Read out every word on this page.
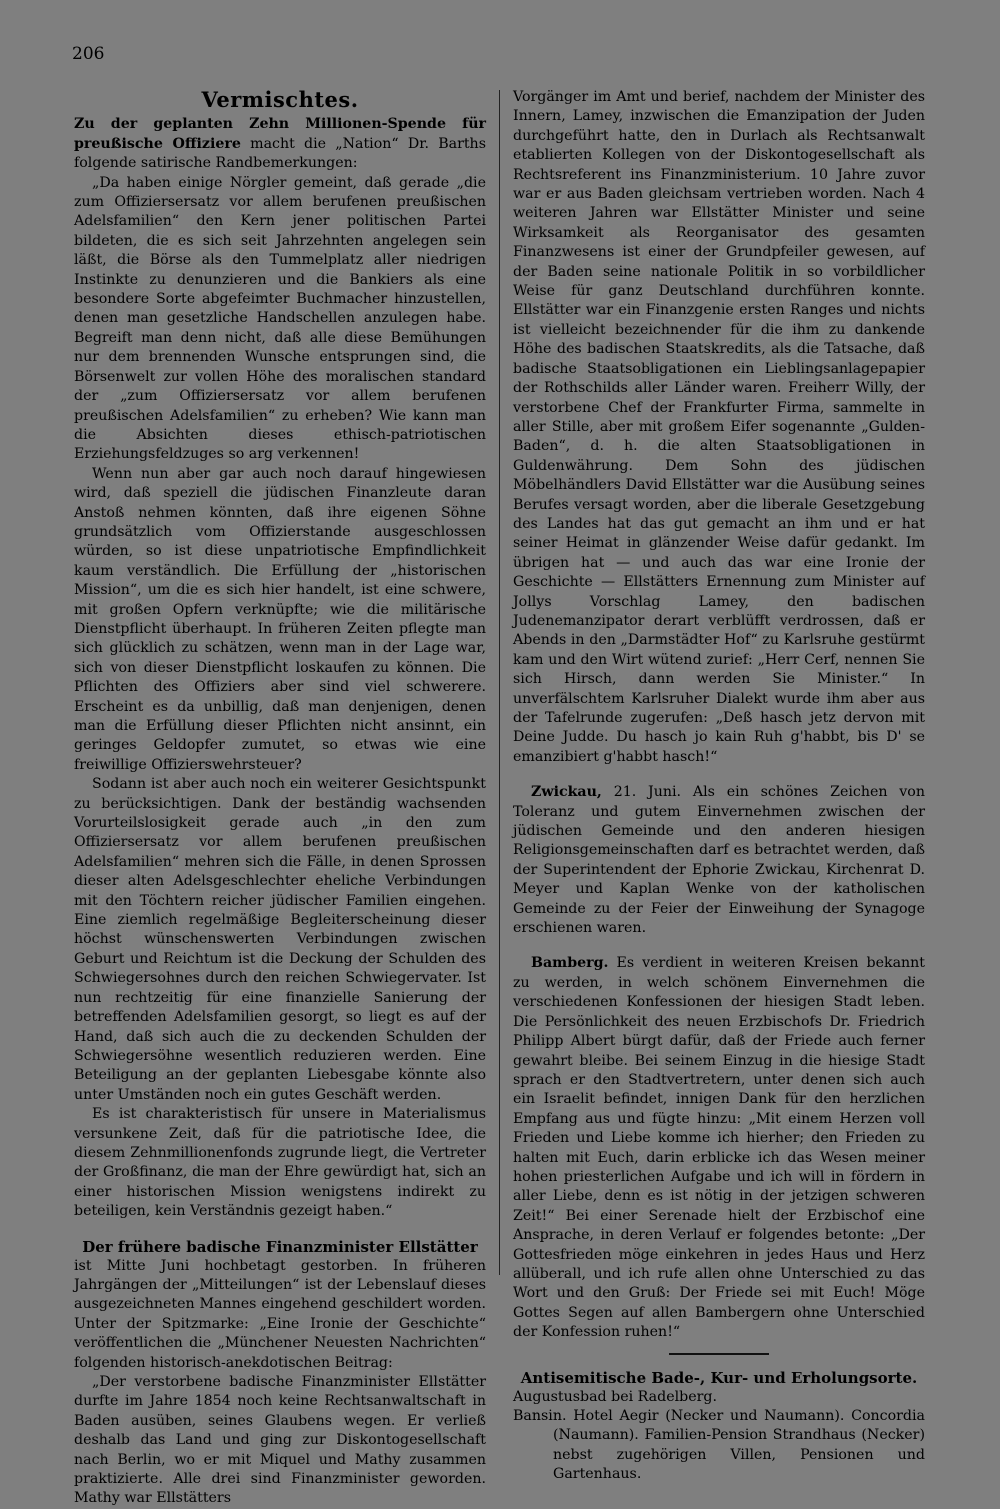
206
Vermischtes.

Zu der geplanten Zehn Millionen-Spende für preußische Offiziere macht die „Nation“ Dr. Barths folgende satirische Randbemerkungen:

„Da haben einige Nörgler gemeint, daß gerade „die zum Offiziersersatz vor allem berufenen preußischen Adelsfamilien“ den Kern jener politischen Partei bildeten, die es sich seit Jahrzehnten angelegen sein läßt, die Börse als den Tummelplatz aller niedrigen Instinkte zu denunzieren und die Bankiers als eine besondere Sorte abgefeimter Buchmacher hinzustellen, denen man gesetzliche Handschellen anzulegen habe. Begreift man denn nicht, daß alle diese Bemühungen nur dem brennenden Wunsche entsprungen sind, die Börsenwelt zur vollen Höhe des moralischen standard der „zum Offiziersersatz vor allem berufenen preußischen Adelsfamilien“ zu erheben? Wie kann man die Absichten dieses ethisch-patriotischen Erziehungsfeldzuges so arg verkennen!

Wenn nun aber gar auch noch darauf hingewiesen wird, daß speziell die jüdischen Finanzleute daran Anstoß nehmen könnten, daß ihre eigenen Söhne grundsätzlich vom Offizierstande ausgeschlossen würden, so ist diese unpatriotische Empfindlichkeit kaum verständlich. Die Erfüllung der „historischen Mission“, um die es sich hier handelt, ist eine schwere, mit großen Opfern verknüpfte; wie die militärische Dienstpflicht überhaupt. In früheren Zeiten pflegte man sich glücklich zu schätzen, wenn man in der Lage war, sich von dieser Dienstpflicht loskaufen zu können. Die Pflichten des Offiziers aber sind viel schwerere. Erscheint es da unbillig, daß man denjenigen, denen man die Erfüllung dieser Pflichten nicht ansinnt, ein geringes Geldopfer zumutet, so etwas wie eine freiwillige Offizierswehrsteuer?

Sodann ist aber auch noch ein weiterer Gesichtspunkt zu berücksichtigen. Dank der beständig wachsenden Vorurteilslosigkeit gerade auch „in den zum Offiziersersatz vor allem berufenen preußischen Adelsfamilien“ mehren sich die Fälle, in denen Sprossen dieser alten Adelsgeschlechter eheliche Verbindungen mit den Töchtern reicher jüdischer Familien eingehen. Eine ziemlich regelmäßige Begleiterscheinung dieser höchst wünschenswerten Verbindungen zwischen Geburt und Reichtum ist die Deckung der Schulden des Schwiegersohnes durch den reichen Schwiegervater. Ist nun rechtzeitig für eine finanzielle Sanierung der betreffenden Adelsfamilien gesorgt, so liegt es auf der Hand, daß sich auch die zu deckenden Schulden der Schwiegersöhne wesentlich reduzieren werden. Eine Beteiligung an der geplanten Liebesgabe könnte also unter Umständen noch ein gutes Geschäft werden.

Es ist charakteristisch für unsere in Materialismus versunkene Zeit, daß für die patriotische Idee, die diesem Zehnmillionenfonds zugrunde liegt, die Vertreter der Großfinanz, die man der Ehre gewürdigt hat, sich an einer historischen Mission wenigstens indirekt zu beteiligen, kein Verständnis gezeigt haben.“

Der frühere badische Finanzminister Ellstätter

ist Mitte Juni hochbetagt gestorben. In früheren Jahrgängen der „Mitteilungen“ ist der Lebenslauf dieses ausgezeichneten Mannes eingehend geschildert worden. Unter der Spitzmarke: „Eine Ironie der Geschichte“ veröffentlichen die „Münchener Neuesten Nachrichten“ folgenden historisch-anekdotischen Beitrag:

„Der verstorbene badische Finanzminister Ellstätter durfte im Jahre 1854 noch keine Rechtsanwaltschaft in Baden ausüben, seines Glaubens wegen. Er verließ deshalb das Land und ging zur Diskontogesellschaft nach Berlin, wo er mit Miquel und Mathy zusammen praktizierte. Alle drei sind Finanzminister geworden. Mathy war Ellstätters

Vorgänger im Amt und berief, nachdem der Minister des Innern, Lamey, inzwischen die Emanzipation der Juden durchgeführt hatte, den in Durlach als Rechtsanwalt etablierten Kollegen von der Diskontogesellschaft als Rechtsreferent ins Finanzministerium. 10 Jahre zuvor war er aus Baden gleichsam vertrieben worden. Nach 4 weiteren Jahren war Ellstätter Minister und seine Wirksamkeit als Reorganisator des gesamten Finanzwesens ist einer der Grundpfeiler gewesen, auf der Baden seine nationale Politik in so vorbildlicher Weise für ganz Deutschland durchführen konnte. Ellstätter war ein Finanzgenie ersten Ranges und nichts ist vielleicht bezeichnender für die ihm zu dankende Höhe des badischen Staatskredits, als die Tatsache, daß badische Staatsobligationen ein Lieblingsanlagepapier der Rothschilds aller Länder waren. Freiherr Willy, der verstorbene Chef der Frankfurter Firma, sammelte in aller Stille, aber mit großem Eifer sogenannte „Gulden-Baden“, d. h. die alten Staatsobligationen in Guldenwährung. Dem Sohn des jüdischen Möbelhändlers David Ellstätter war die Ausübung seines Berufes versagt worden, aber die liberale Gesetzgebung des Landes hat das gut gemacht an ihm und er hat seiner Heimat in glänzender Weise dafür gedankt. Im übrigen hat — und auch das war eine Ironie der Geschichte — Ellstätters Ernennung zum Minister auf Jollys Vorschlag Lamey, den badischen Judenemanzipator derart verblüfft verdrossen, daß er Abends in den „Darmstädter Hof“ zu Karlsruhe gestürmt kam und den Wirt wütend zurief: „Herr Cerf, nennen Sie sich Hirsch, dann werden Sie Minister.“ In unverfälschtem Karlsruher Dialekt wurde ihm aber aus der Tafelrunde zugerufen: „Deß hasch jetz dervon mit Deine Judde. Du hasch jo kain Ruh g'habbt, bis D' se emanzibiert g'habbt hasch!“

Zwickau, 21. Juni. Als ein schönes Zeichen von Toleranz und gutem Einvernehmen zwischen der jüdischen Gemeinde und den anderen hiesigen Religionsgemeinschaften darf es betrachtet werden, daß der Superintendent der Ephorie Zwickau, Kirchenrat D. Meyer und Kaplan Wenke von der katholischen Gemeinde zu der Feier der Einweihung der Synagoge erschienen waren.

Bamberg. Es verdient in weiteren Kreisen bekannt zu werden, in welch schönem Einvernehmen die verschiedenen Konfessionen der hiesigen Stadt leben. Die Persönlichkeit des neuen Erzbischofs Dr. Friedrich Philipp Albert bürgt dafür, daß der Friede auch ferner gewahrt bleibe. Bei seinem Einzug in die hiesige Stadt sprach er den Stadtvertretern, unter denen sich auch ein Israelit befindet, innigen Dank für den herzlichen Empfang aus und fügte hinzu: „Mit einem Herzen voll Frieden und Liebe komme ich hierher; den Frieden zu halten mit Euch, darin erblicke ich das Wesen meiner hohen priesterlichen Aufgabe und ich will in fördern in aller Liebe, denn es ist nötig in der jetzigen schweren Zeit!“ Bei einer Serenade hielt der Erzbischof eine Ansprache, in deren Verlauf er folgendes betonte: „Der Gottesfrieden möge einkehren in jedes Haus und Herz allüberall, und ich rufe allen ohne Unterschied zu das Wort und den Gruß: Der Friede sei mit Euch! Möge Gottes Segen auf allen Bambergern ohne Unterschied der Konfession ruhen!“

Antisemitische Bade-, Kur- und Erholungsorte.
Augustusbad bei Radelberg.
Bansin. Hotel Aegir (Necker und Naumann). Concordia (Naumann). Familien-Pension Strandhaus (Necker) nebst zugehörigen Villen, Pensionen und Gartenhaus.
